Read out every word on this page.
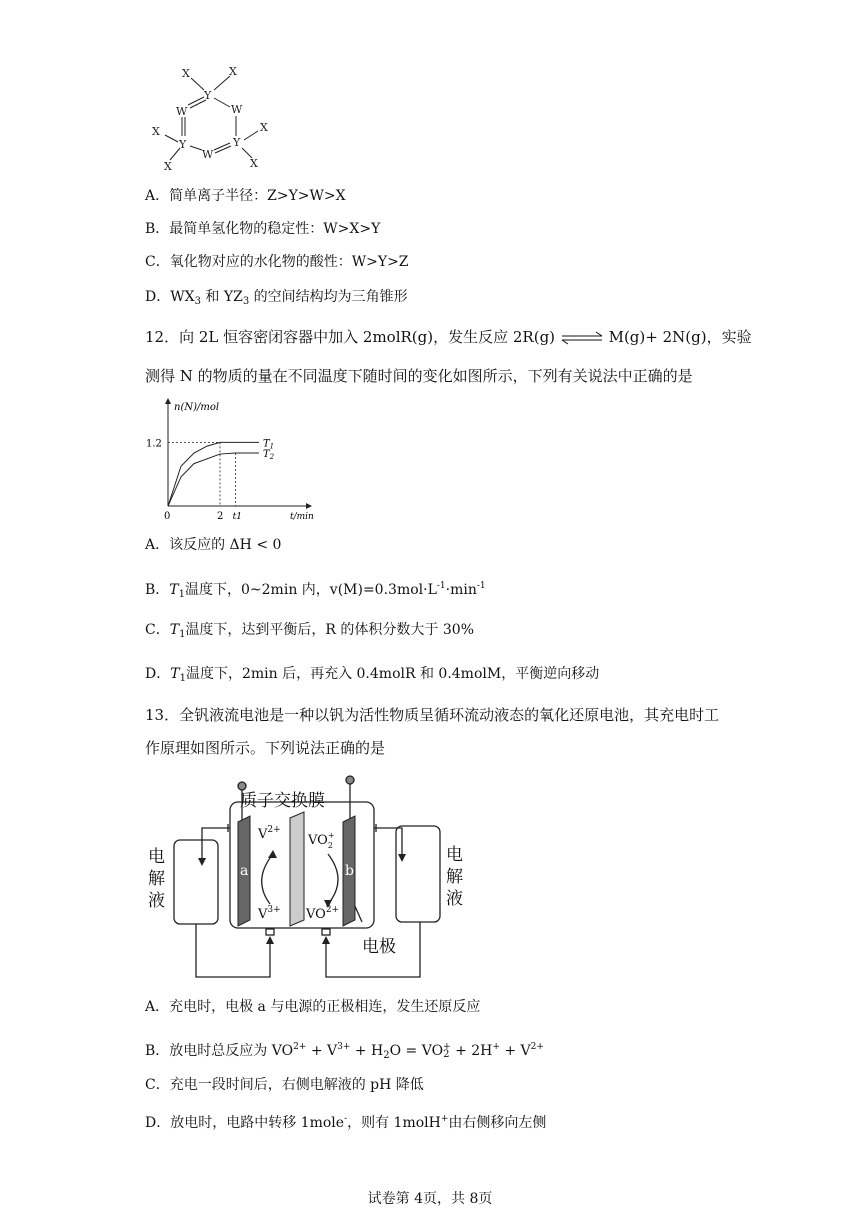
X	X
Y
W	W
X
Y
W
Y
X
X	X
A．简单离子半径：Z>Y>W>X
B．最简单氢化物的稳定性：W>X>Y
C．氧化物对应的水化物的酸性：W>Y>Z
D．$WX_3$ 和 $YZ_3$ 的空间结构均为三角锥形
12．向 2L 恒容密闭容器中加入 2molR(g)，发生反应 2R(g) ⇌ M(g)+ 2N(g)，实验
测得 N 的物质的量在不同温度下随时间的变化如图所示，下列有关说法中正确的是
n(N)/mol
t/min
0
1.2
2 t1
$T_1$
$T_2$
A．该反应的 ΔH < 0
B．$T_1$温度下，0~2min 内，$v(M)=0.3mol\cdot L^{-1}\cdot\min^{-1}$
C．$T_1$温度下，达到平衡后，R 的体积分数大于 30%
D．$T_1$温度下，2min 后，再充入 0.4molR 和 0.4molM，平衡逆向移动
13．全钒液流电池是一种以钒为活性物质呈循环流动液态的氧化还原电池，其充电时工
作原理如图所示。下列说法正确的是
质子交换膜
电极
电
解
液
电
解
液
a	b
$V^{2+}$
$V^{3+}$
$VO_2+$
$VO^{2+}$
A．充电时，电极 a 与电源的正极相连，发生还原反应
B．放电时总反应为 $VO^{2+} + V^{3+} + H_2O$ = VO +
$2 + 2H^+ + V^{2+}$
C．充电一段时间后，右侧电解液的 pH 降低
D．放电时，电路中转移 1mole-，则有 1molH+由右侧移向左侧
试卷第 4页，共 8页
